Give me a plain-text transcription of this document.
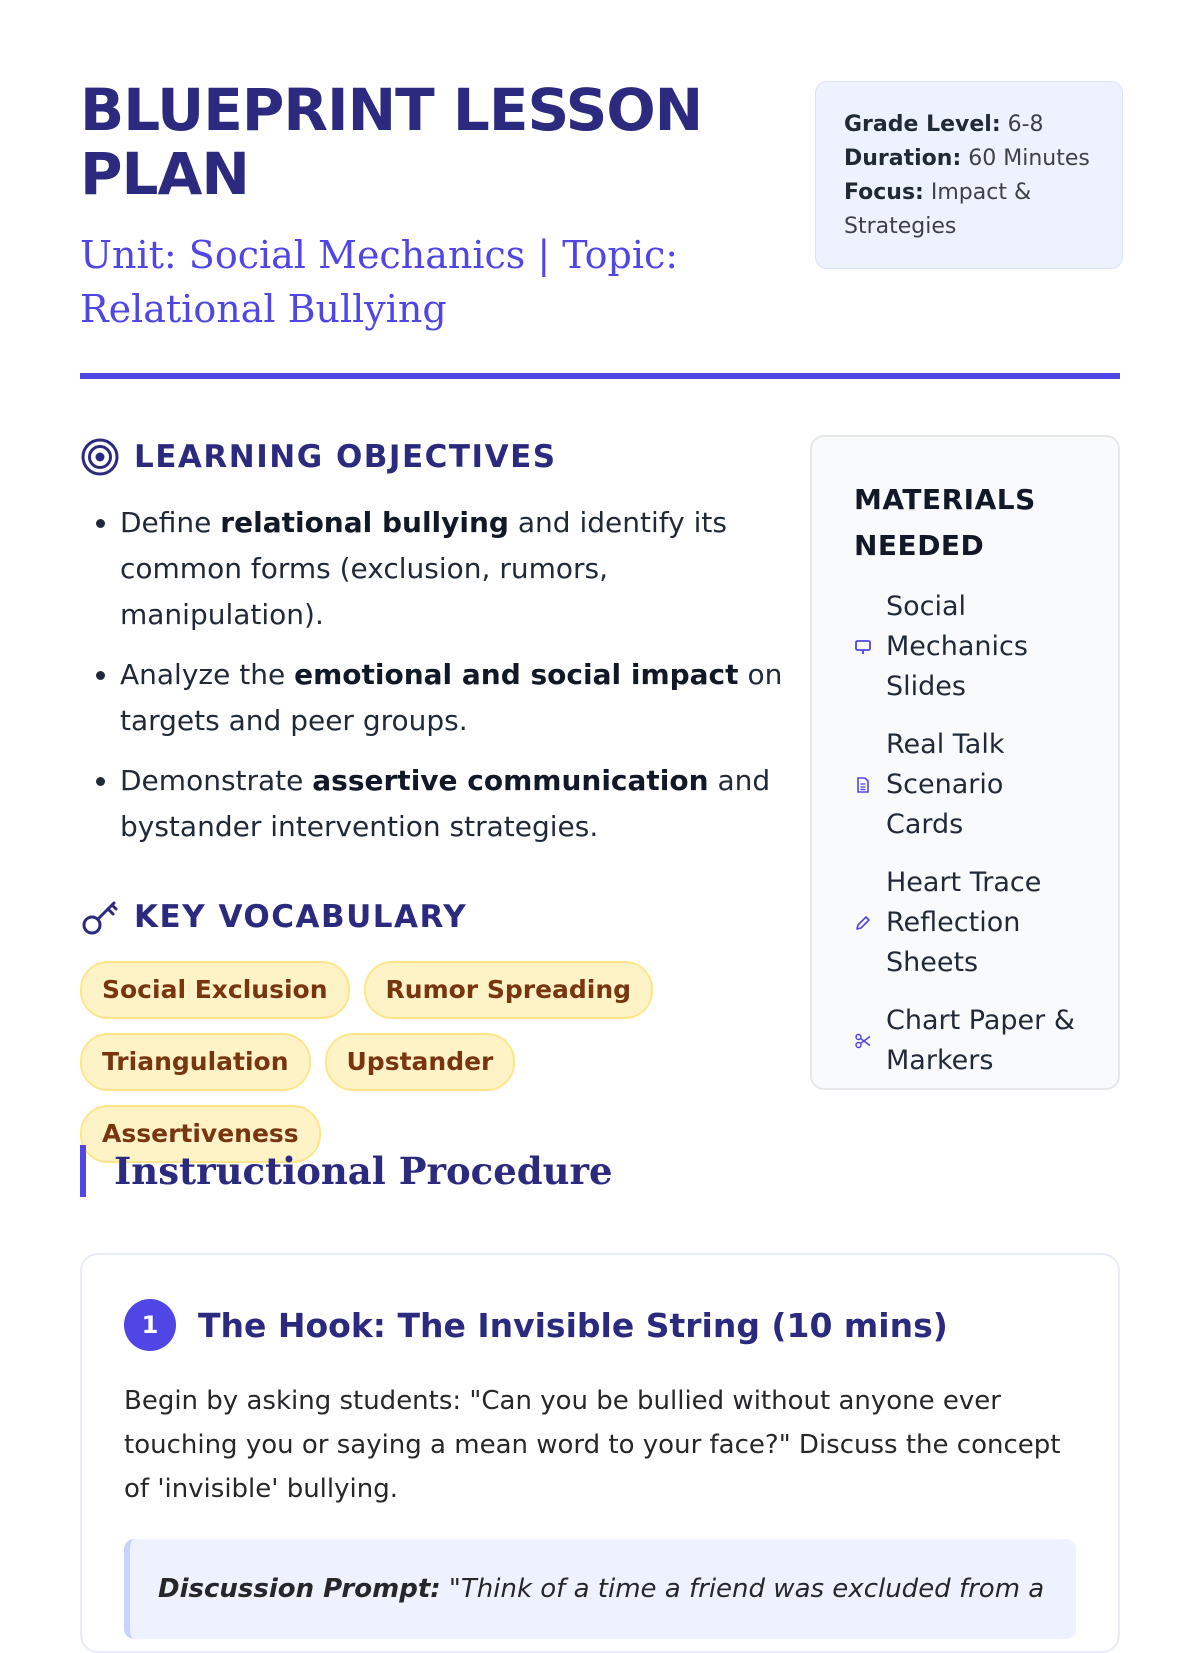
BLUEPRINT LESSON PLAN
Unit: Social Mechanics | Topic: Relational Bullying
Grade Level: 6-8
Duration: 60 Minutes
Focus: Impact & Strategies
LEARNING OBJECTIVES
• Define relational bullying and identify its common forms (exclusion, rumors, manipulation).
• Analyze the emotional and social impact on targets and peer groups.
• Demonstrate assertive communication and bystander intervention strategies.
KEY VOCABULARY
Social Exclusion	Rumor Spreading
Triangulation	Upstander
Assertiveness
MATERIALS NEEDED
Social Mechanics Slides
Real Talk Scenario Cards
Heart Trace Reflection Sheets
Chart Paper & Markers
Instructional Procedure
1	The Hook: The Invisible String (10 mins)
Begin by asking students: "Can you be bullied without anyone ever touching you or saying a mean word to your face?" Discuss the concept of 'invisible' bullying.
Discussion Prompt: "Think of a time a friend was excluded from a
